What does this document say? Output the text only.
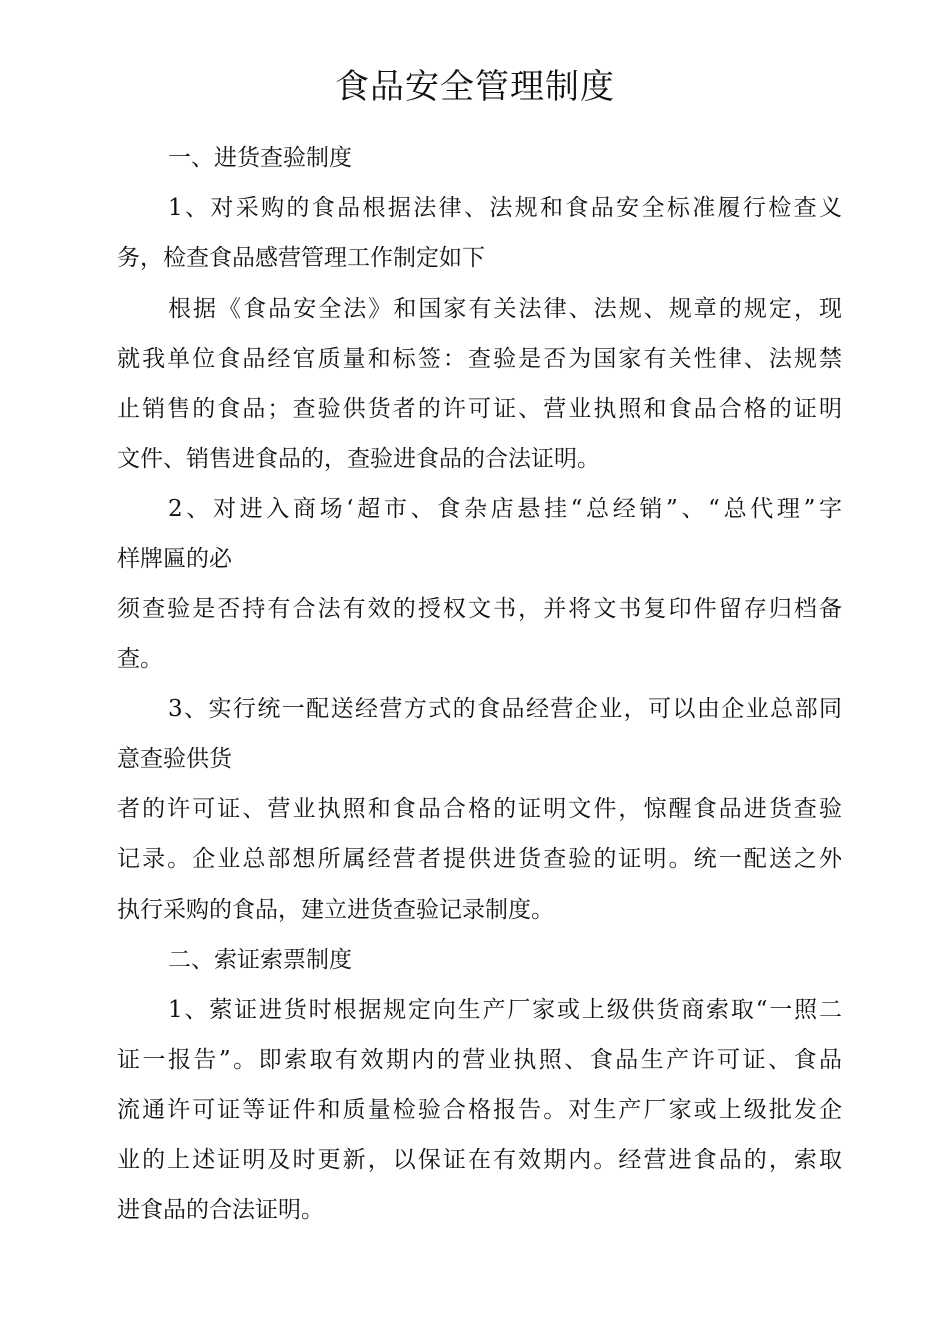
食品安全管理制度

一、进货查验制度

1、对采购的食品根据法律、法规和食品安全标准履行检查义

务，检查食品感营管理工作制定如下

根据《食品安全法》和国家有关法律、法规、规章的规定，现

就我单位食品经官质量和标签：查验是否为国家有关性律、法规禁

止销售的食品；查验供货者的许可证、营业执照和食品合格的证明

文件、销售进食品的，查验进食品的合法证明。

2、对进入商场‘超市、食杂店悬挂“总经销”、“总代理”字

样牌匾的必

须查验是否持有合法有效的授权文书，并将文书复印件留存归档备

查。

3、实行统一配送经营方式的食品经营企业，可以由企业总部同

意查验供货

者的许可证、营业执照和食品合格的证明文件，惊醒食品进货查验

记录。企业总部想所属经营者提供进货查验的证明。统一配送之外

执行采购的食品，建立进货查验记录制度。

二、索证索票制度

1、萦证进货时根据规定向生产厂家或上级供货商索取“一照二

证一报告”。即索取有效期内的营业执照、食品生产许可证、食品

流通许可证等证件和质量检验合格报告。对生产厂家或上级批发企

业的上述证明及时更新，以保证在有效期内。经营进食品的，索取

进食品的合法证明。
